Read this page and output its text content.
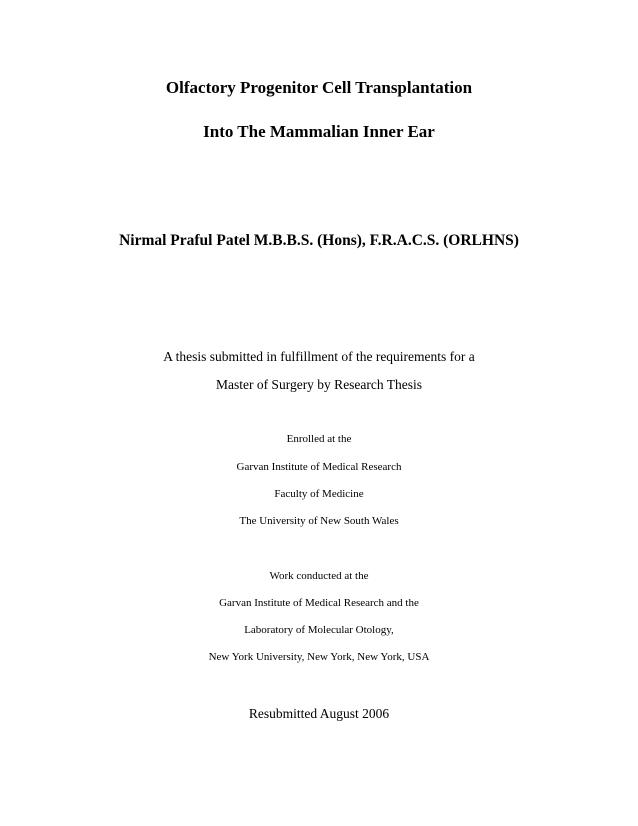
Olfactory Progenitor Cell Transplantation
Into The Mammalian Inner Ear
Nirmal Praful Patel M.B.B.S. (Hons), F.R.A.C.S. (ORLHNS)
A thesis submitted in fulfillment of the requirements for a
Master of Surgery by Research Thesis
Enrolled at the
Garvan Institute of Medical Research
Faculty of Medicine
The University of New South Wales
Work conducted at the
Garvan Institute of Medical Research and the
Laboratory of Molecular Otology,
New York University, New York, New York, USA
Resubmitted August 2006
